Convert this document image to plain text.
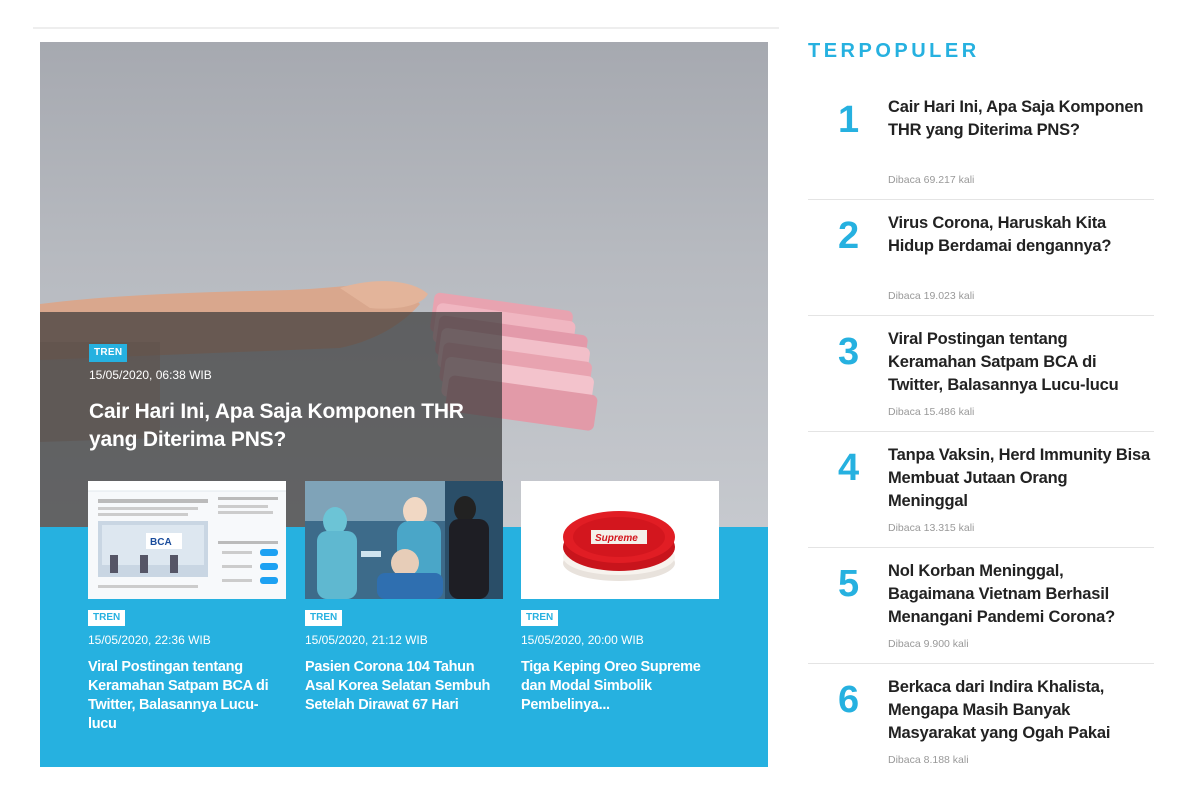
TREN
15/05/2020, 06:38 WIB
Cair Hari Ini, Apa Saja Komponen THR yang Diterima PNS?
BCA
TREN
15/05/2020, 22:36 WIB
Viral Postingan tentang Keramahan Satpam BCA di Twitter, Balasannya Lucu-lucu
TREN
15/05/2020, 21:12 WIB
Pasien Corona 104 Tahun Asal Korea Selatan Sembuh Setelah Dirawat 67 Hari
Supreme
TREN
15/05/2020, 20:00 WIB
Tiga Keping Oreo Supreme dan Modal Simbolik Pembelinya...
TERPOPULER
1	Cair Hari Ini, Apa Saja Komponen THR yang Diterima PNS?
Dibaca 69.217 kali
2	Virus Corona, Haruskah Kita Hidup Berdamai dengannya?
Dibaca 19.023 kali
3	Viral Postingan tentang Keramahan Satpam BCA di Twitter, Balasannya Lucu-lucu
Dibaca 15.486 kali
4	Tanpa Vaksin, Herd Immunity Bisa Membuat Jutaan Orang Meninggal
Dibaca 13.315 kali
5	Nol Korban Meninggal, Bagaimana Vietnam Berhasil Menangani Pandemi Corona?
Dibaca 9.900 kali
6	Berkaca dari Indira Khalista, Mengapa Masih Banyak Masyarakat yang Ogah Pakai
Dibaca 8.188 kali
